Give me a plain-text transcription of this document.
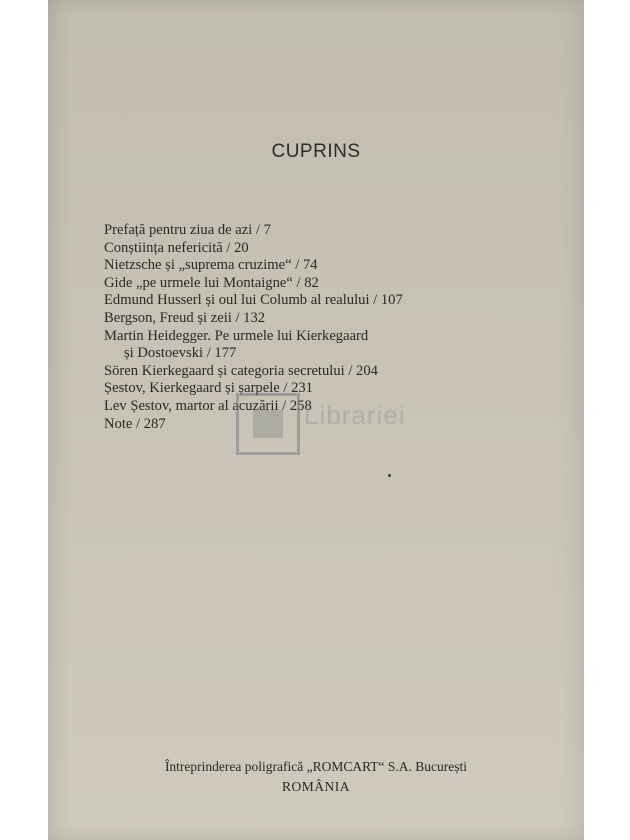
CUPRINS
Prefață pentru ziua de azi / 7
Conștiința nefericită / 20
Nietzsche și „suprema cruzime“ / 74
Gide „pe urmele lui Montaigne“ / 82
Edmund Husserl și oul lui Columb al realului / 107
Bergson, Freud și zeii / 132
Martin Heidegger. Pe urmele lui Kierkegaard
și Dostoevski / 177
Sören Kierkegaard și categoria secretului / 204
Șestov, Kierkegaard și șarpele / 231
Lev Șestov, martor al acuzării / 258
Note / 287	Librariei
Întreprinderea poligrafică „ROMCART“ S.A. București
ROMÂNIA
